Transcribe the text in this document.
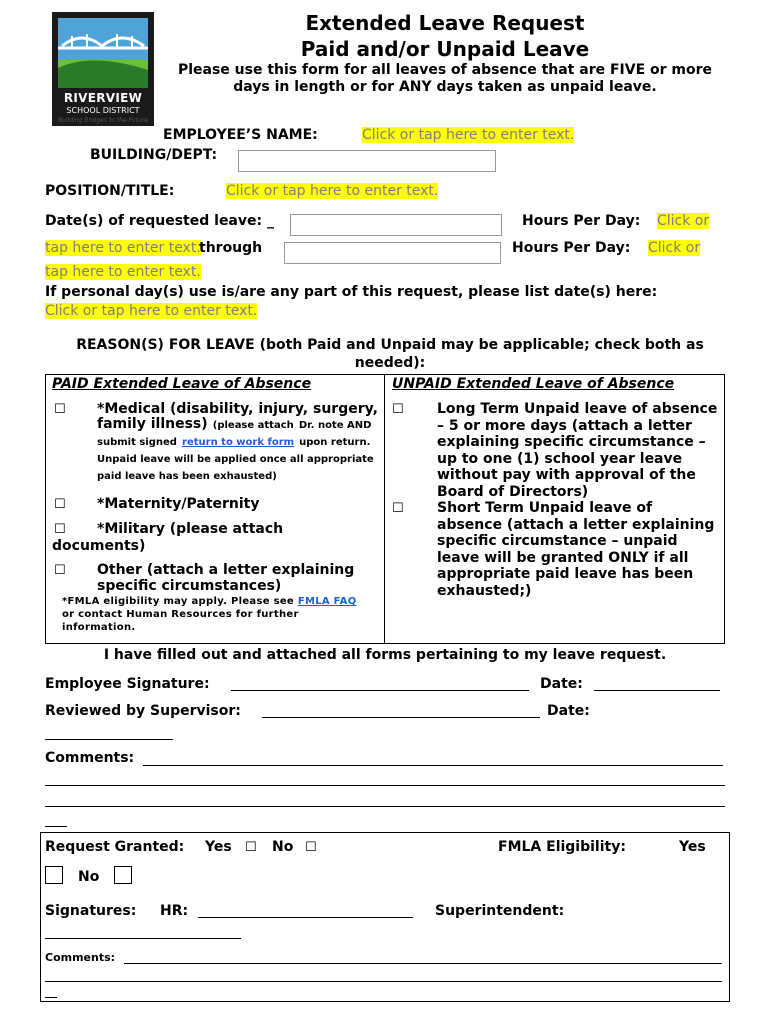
RIVERVIEW
SCHOOL DISTRICT
Building Bridges to the Future
Extended Leave Request
Paid and/or Unpaid Leave
Please use this form for all leaves of absence that are FIVE or more days in length or for ANY days taken as unpaid leave.
EMPLOYEE’S NAME:	Click or tap here to enter text.
BUILDING/DEPT:
POSITION/TITLE:	Click or tap here to enter text.
Date(s) of requested leave: _	Hours Per Day: Click or
tap here to enter text.
through	Hours Per Day: Click or
tap here to enter text.
If personal day(s) use is/are any part of this request, please list date(s) here:
Click or tap here to enter text.
REASON(S) FOR LEAVE (both Paid and Unpaid may be applicable; check both as needed):
PAID Extended Leave of Absence	UNPAID Extended Leave of Absence
☐ *Medical (disability, injury, surgery, family illness) (please attach Dr. note AND submit signed return to work form upon return. Unpaid leave will be applied once all appropriate paid leave has been exhausted)
☐ *Maternity/Paternity
☐	*Military (please attach documents)
☐ Other (attach a letter explaining specific circumstances)
*FMLA eligibility may apply. Please see FMLA FAQ or contact Human Resources for further information.
☐ Long Term Unpaid leave of absence – 5 or more days (attach a letter explaining specific circumstance – up to one (1) school year leave without pay with approval of the Board of Directors)
☐ Short Term Unpaid leave of absence (attach a letter explaining specific circumstance – unpaid leave will be granted ONLY if all appropriate paid leave has been exhausted;)
I have filled out and attached all forms pertaining to my leave request.
Employee Signature:	Date:
Reviewed by Supervisor:	Date:
Comments:
Request Granted: Yes ☐ No ☐	FMLA Eligibility:	Yes
No
Signatures: HR:	Superintendent:
Comments:
